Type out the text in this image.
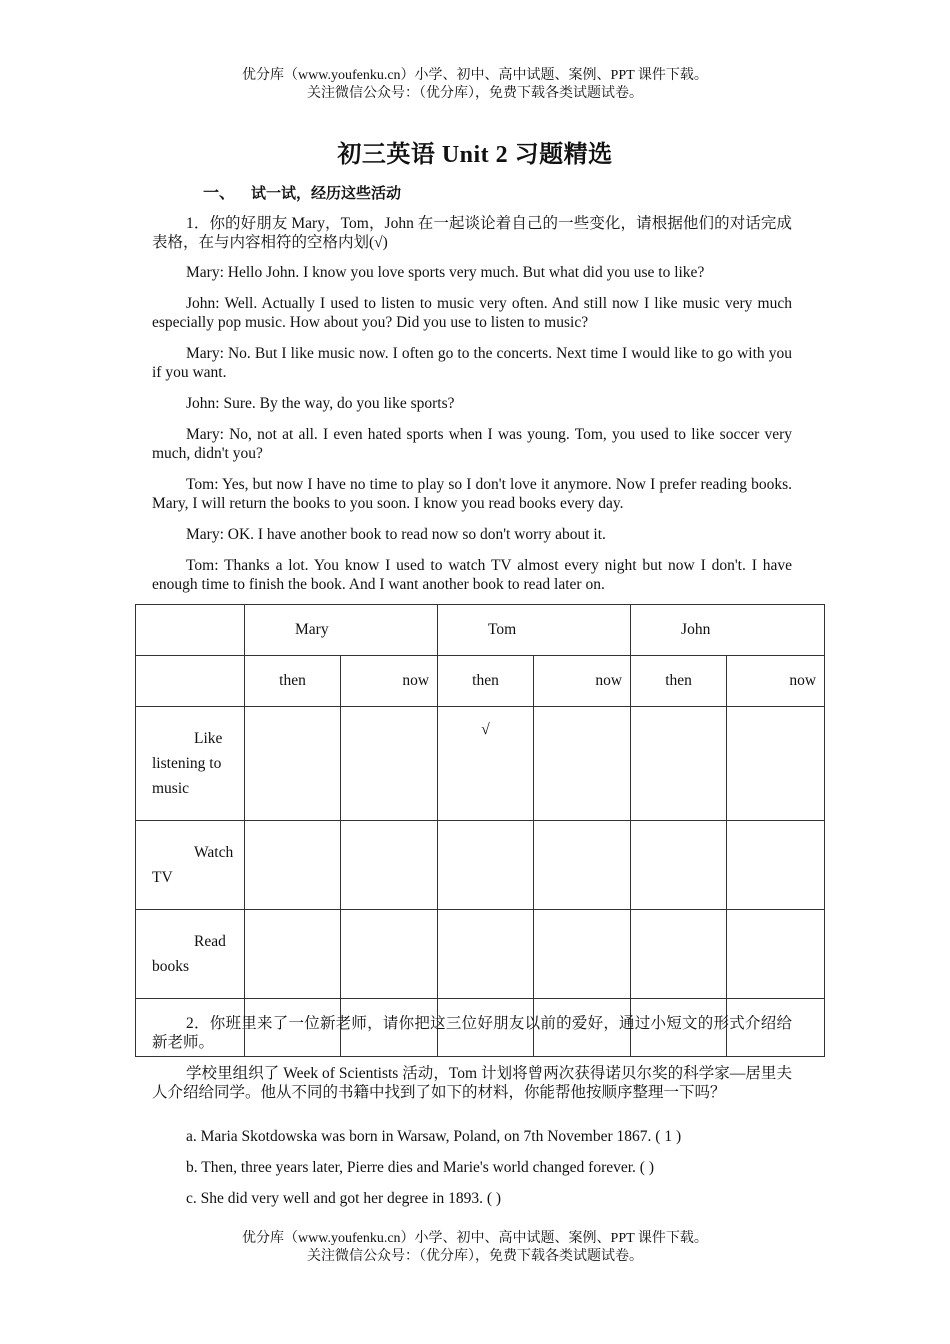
优分库（www.youfenku.cn）小学、初中、高中试题、案例、PPT 课件下载。

关注微信公众号：（优分库），免费下载各类试题试卷。

初三英语 Unit 2 习题精选
一、 试一试，经历这些活动

1．你的好朋友 Mary，Tom，John 在一起谈论着自己的一些变化，请根据他们的对话完成表格，在与内容相符的空格内划(√)

Mary: Hello John. I know you love sports very much. But what did you use to like?

John: Well. Actually I used to listen to music very often. And still now I like music very much especially pop music. How about you? Did you use to listen to music?

Mary: No. But I like music now. I often go to the concerts. Next time I would like to go with you if you want.

John: Sure. By the way, do you like sports?

Mary: No, not at all. I even hated sports when I was young. Tom, you used to like soccer very much, didn't you?

Tom: Yes, but now I have no time to play so I don't love it anymore. Now I prefer reading books. Mary, I will return the books to you soon. I know you read books every day.

Mary: OK. I have another book to read now so don't worry about it.

Tom: Thanks a lot. You know I used to watch TV almost every night but now I don't. I have enough time to finish the book. And I want another book to read later on.

	Mary		Tom		John	
	then	now	then	now	then	now
Like listening to music			√			
Watch TV						
Read books						

2．你班里来了一位新老师，请你把这三位好朋友以前的爱好，通过小短文的形式介绍给新老师。

学校里组织了 Week of Scientists 活动，Tom 计划将曾两次获得诺贝尔奖的科学家—居里夫人介绍给同学。他从不同的书籍中找到了如下的材料，你能帮他按顺序整理一下吗？

a. Maria Skotdowska was born in Warsaw, Poland, on 7th November 1867. ( 1 )

b. Then, three years later, Pierre dies and Marie's world changed forever. ( )

c. She did very well and got her degree in 1893. ( )

优分库（www.youfenku.cn）小学、初中、高中试题、案例、PPT 课件下载。

关注微信公众号：（优分库），免费下载各类试题试卷。
